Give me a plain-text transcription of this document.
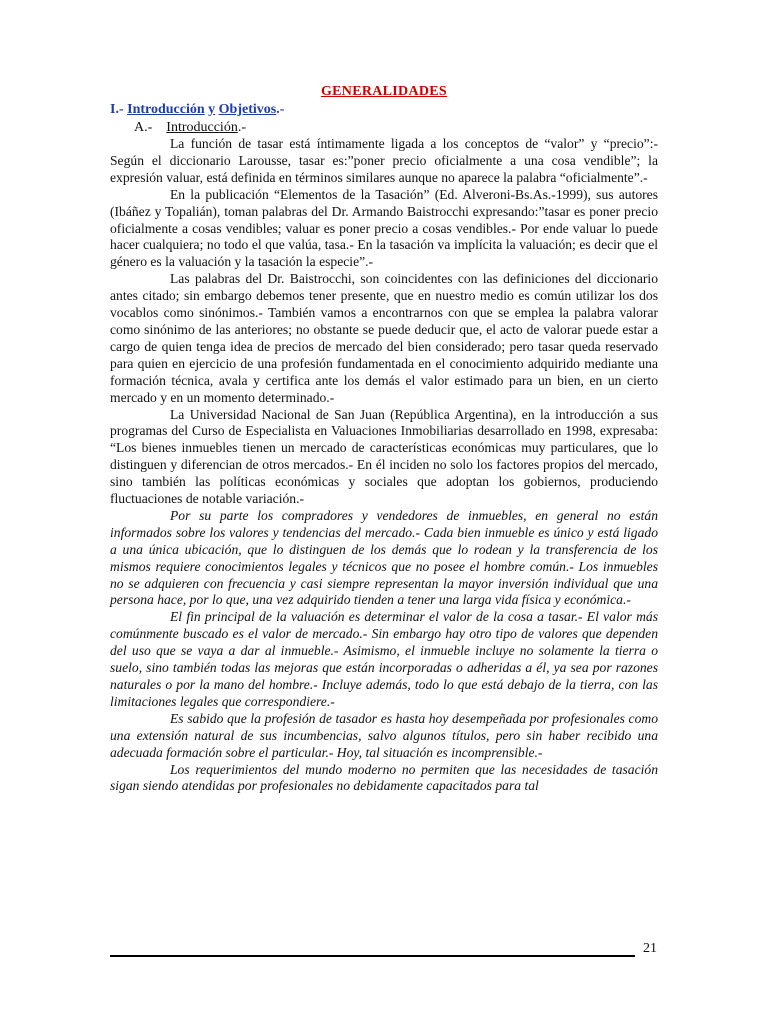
GENERALIDADES
I.- Introducción y Objetivos.-
A.- Introducción.-

La función de tasar está íntimamente ligada a los conceptos de “valor” y “precio”:- Según el diccionario Larousse, tasar es:”poner precio oficialmente a una cosa vendible”; la expresión valuar, está definida en términos similares aunque no aparece la palabra “oficialmente”.-

En la publicación “Elementos de la Tasación” (Ed. Alveroni-Bs.As.-1999), sus autores (Ibáñez y Topalián), toman palabras del Dr. Armando Baistrocchi expresando:”tasar es poner precio oficialmente a cosas vendibles; valuar es poner precio a cosas vendibles.- Por ende valuar lo puede hacer cualquiera; no todo el que valúa, tasa.- En la tasación va implícita la valuación; es decir que el género es la valuación y la tasación la especie”.-

Las palabras del Dr. Baistrocchi, son coincidentes con las definiciones del diccionario antes citado; sin embargo debemos tener presente, que en nuestro medio es común utilizar los dos vocablos como sinónimos.- También vamos a encontrarnos con que se emplea la palabra valorar como sinónimo de las anteriores; no obstante se puede deducir que, el acto de valorar puede estar a cargo de quien tenga idea de precios de mercado del bien considerado; pero tasar queda reservado para quien en ejercicio de una profesión fundamentada en el conocimiento adquirido mediante una formación técnica, avala y certifica ante los demás el valor estimado para un bien, en un cierto mercado y en un momento determinado.-

La Universidad Nacional de San Juan (República Argentina), en la introducción a sus programas del Curso de Especialista en Valuaciones Inmobiliarias desarrollado en 1998, expresaba: “Los bienes inmuebles tienen un mercado de características económicas muy particulares, que lo distinguen y diferencian de otros mercados.- En él inciden no solo los factores propios del mercado, sino también las políticas económicas y sociales que adoptan los gobiernos, produciendo fluctuaciones de notable variación.-

Por su parte los compradores y vendedores de inmuebles, en general no están informados sobre los valores y tendencias del mercado.- Cada bien inmueble es único y está ligado a una única ubicación, que lo distinguen de los demás que lo rodean y la transferencia de los mismos requiere conocimientos legales y técnicos que no posee el hombre común.- Los inmuebles no se adquieren con frecuencia y casi siempre representan la mayor inversión individual que una persona hace, por lo que, una vez adquirido tienden a tener una larga vida física y económica.-

El fin principal de la valuación es determinar el valor de la cosa a tasar.- El valor más comúnmente buscado es el valor de mercado.- Sin embargo hay otro tipo de valores que dependen del uso que se vaya a dar al inmueble.- Asimismo, el inmueble incluye no solamente la tierra o suelo, sino también todas las mejoras que están incorporadas o adheridas a él, ya sea por razones naturales o por la mano del hombre.- Incluye además, todo lo que está debajo de la tierra, con las limitaciones legales que correspondiere.-

Es sabido que la profesión de tasador es hasta hoy desempeñada por profesionales como una extensión natural de sus incumbencias, salvo algunos títulos, pero sin haber recibido una adecuada formación sobre el particular.- Hoy, tal situación es incomprensible.-

Los requerimientos del mundo moderno no permiten que las necesidades de tasación sigan siendo atendidas por profesionales no debidamente capacitados para tal

21
